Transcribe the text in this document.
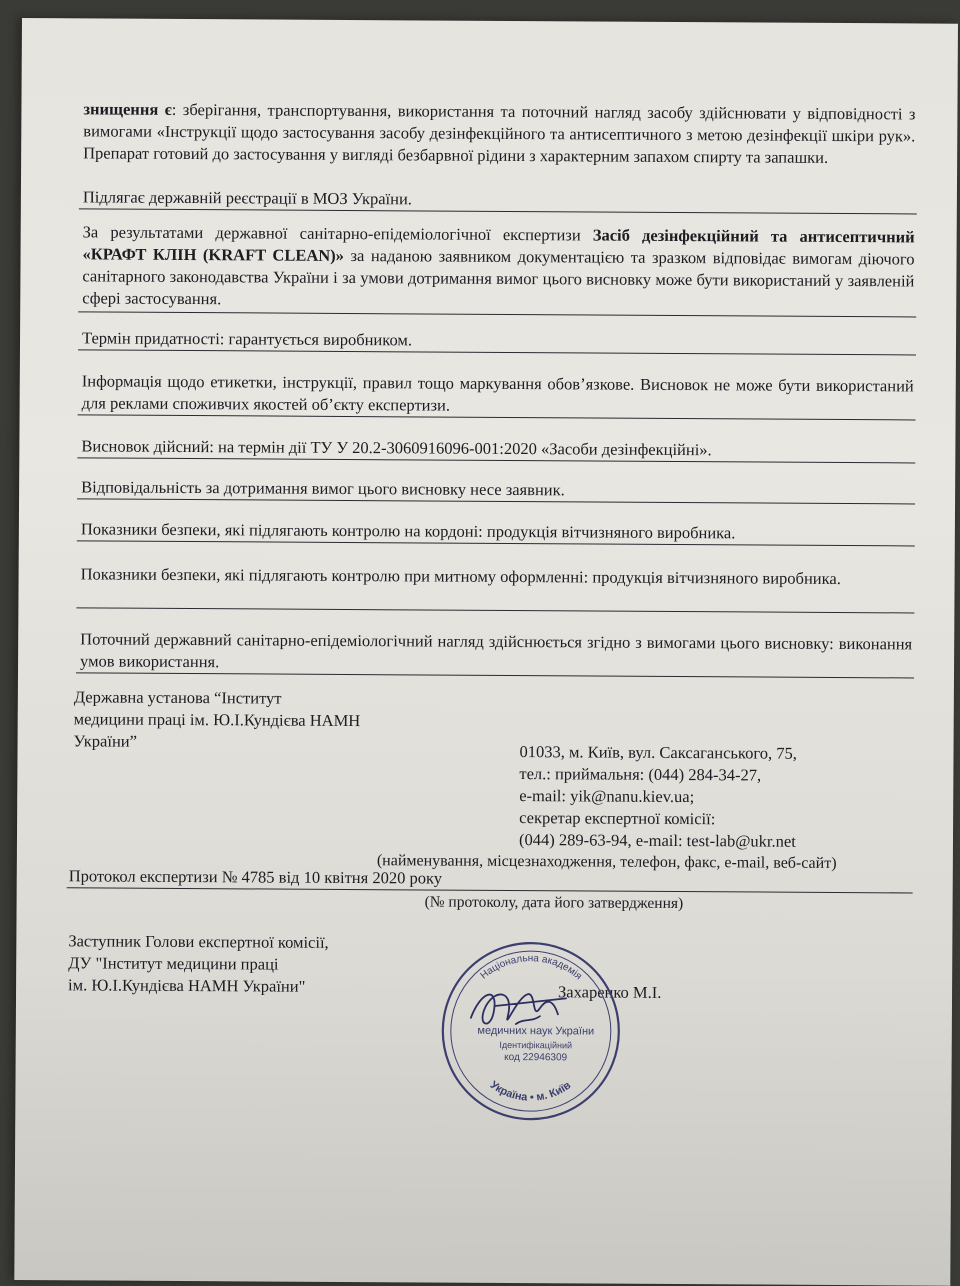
знищення є: зберігання, транспортування, використання та поточний нагляд засобу здійснювати у відповідності з вимогами «Інструкції щодо застосування засобу дезінфекційного та антисептичного з метою дезінфекції шкіри рук». Препарат готовий до застосування у вигляді безбарвної рідини з характерним запахом спирту та запашки.
Підлягає державній реєстрації в МОЗ України.
За результатами державної санітарно-епідеміологічної експертизи Засіб дезінфекційний та антисептичний «КРАФТ КЛІН (KRAFT CLEAN)» за наданою заявником документацією та зразком відповідає вимогам діючого санітарного законодавства України і за умови дотримання вимог цього висновку може бути використаний у заявленій сфері застосування.
Термін придатності: гарантується виробником.
Інформація щодо етикетки, інструкції, правил тощо маркування обов’язкове. Висновок не може бути використаний для реклами споживчих якостей об’єкту експертизи.
Висновок дійсний: на термін дії ТУ У 20.2-3060916096-001:2020 «Засоби дезінфекційні».
Відповідальність за дотримання вимог цього висновку несе заявник.
Показники безпеки, які підлягають контролю на кордоні: продукція вітчизняного виробника.
Показники безпеки, які підлягають контролю при митному оформленні: продукція вітчизняного виробника.
Поточний державний санітарно-епідеміологічний нагляд здійснюється згідно з вимогами цього висновку: виконання умов використання.
Державна установа “Інститут
медицини праці ім. Ю.І.Кундієва НАМН
України”
01033, м. Київ, вул. Саксаганського, 75,
тел.: приймальня: (044) 284-34-27,
e-mail: yik@nanu.kiev.ua;
секретар експертної комісії:
(044) 289-63-94, e-mail: test-lab@ukr.net
(найменування, місцезнаходження, телефон, факс, e-mail, веб-сайт)
Протокол експертизи № 4785 від 10 квітня 2020 року
(№ протоколу, дата його затвердження)
Заступник Голови експертної комісії,
ДУ "Інститут медицини праці
ім. Ю.І.Кундієва НАМН України"	Захаренко М.І.
Національна академія
медичних наук України
Ідентифікаційний
код 22946309
Україна • м. Київ
